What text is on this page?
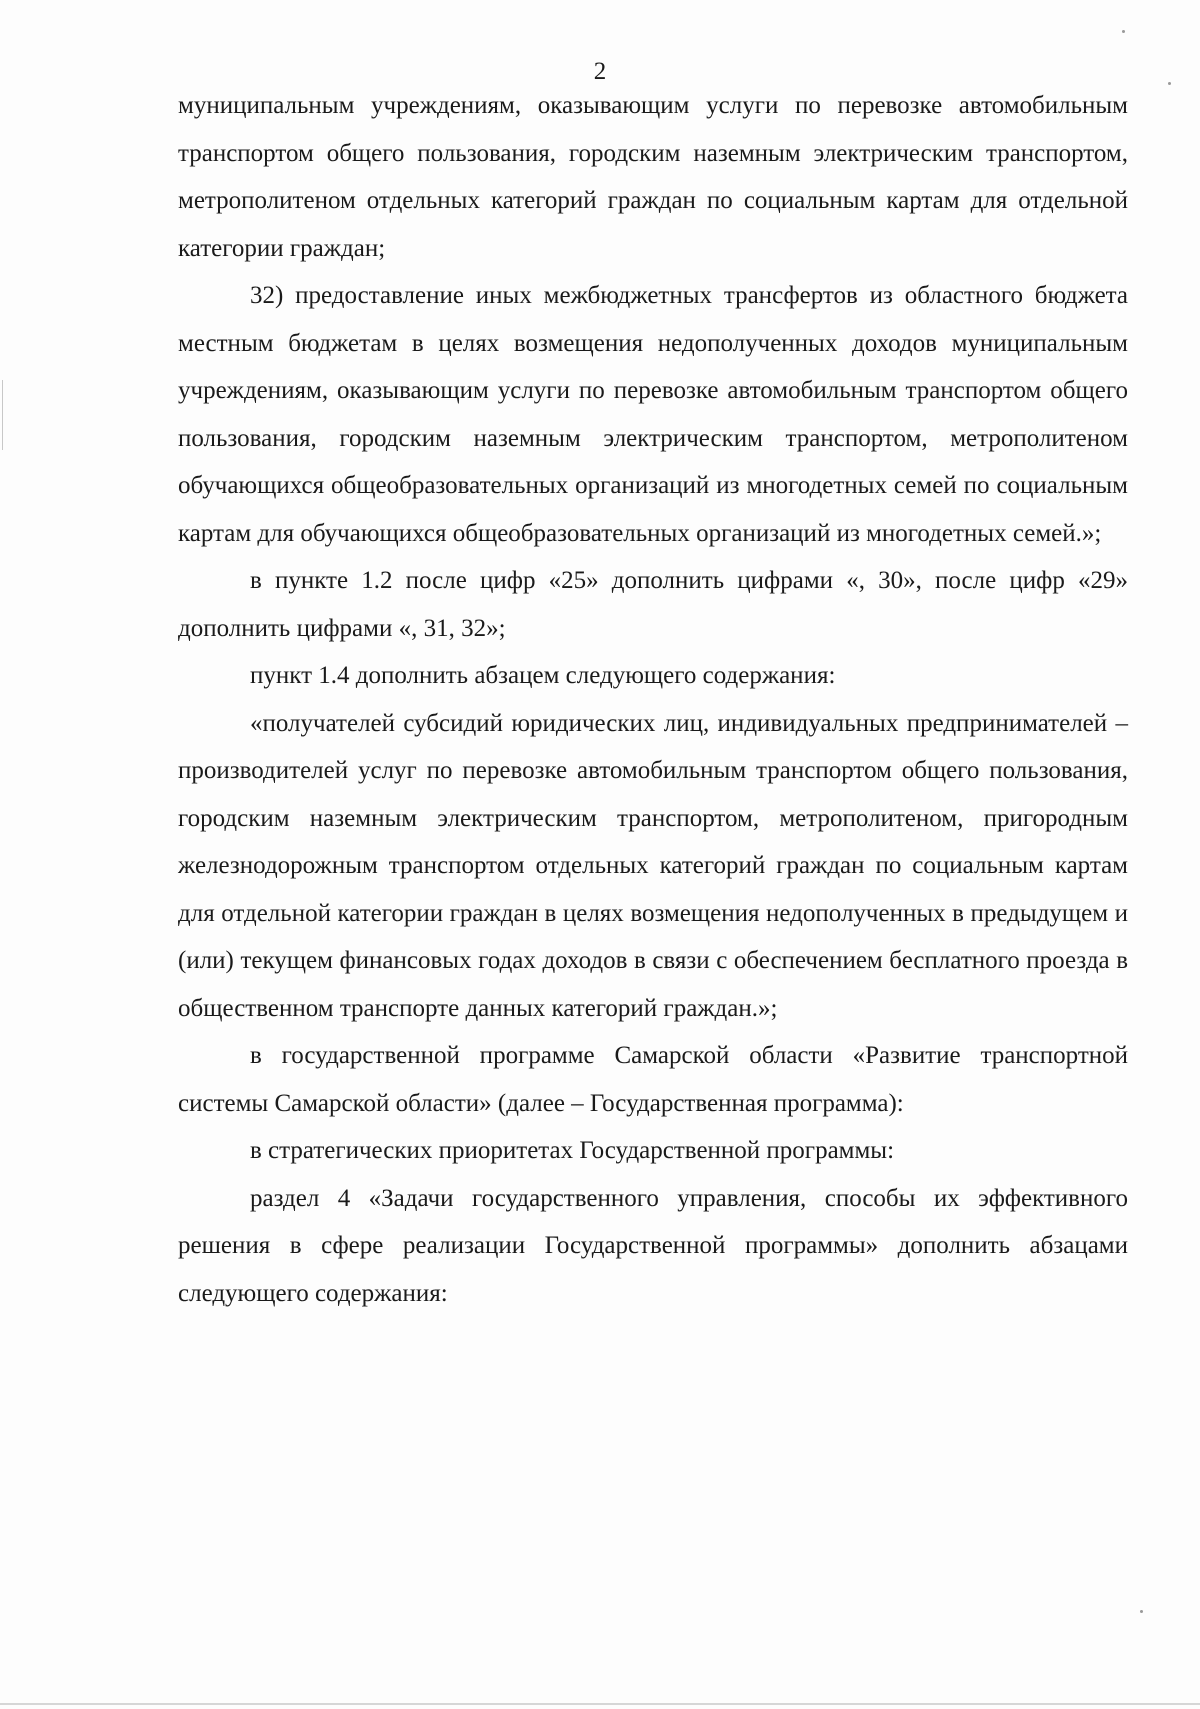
2

муниципальным учреждениям, оказывающим услуги по перевозке автомобильным транспортом общего пользования, городским наземным электрическим транспортом, метрополитеном отдельных категорий граждан по социальным картам для отдельной категории граждан;

32) предоставление иных межбюджетных трансфертов из областного бюджета местным бюджетам в целях возмещения недополученных доходов муниципальным учреждениям, оказывающим услуги по перевозке автомобильным транспортом общего пользования, городским наземным электрическим транспортом, метрополитеном обучающихся общеобразовательных организаций из многодетных семей по социальным картам для обучающихся общеобразовательных организаций из многодетных семей.»;

в пункте 1.2 после цифр «25» дополнить цифрами «, 30», после цифр «29» дополнить цифрами «, 31, 32»;

пункт 1.4 дополнить абзацем следующего содержания:

«получателей субсидий юридических лиц, индивидуальных предпринимателей – производителей услуг по перевозке автомобильным транспортом общего пользования, городским наземным электрическим транспортом, метрополитеном, пригородным железнодорожным транспортом отдельных категорий граждан по социальным картам для отдельной категории граждан в целях возмещения недополученных в предыдущем и (или) текущем финансовых годах доходов в связи с обеспечением бесплатного проезда в общественном транспорте данных категорий граждан.»;

в государственной программе Самарской области «Развитие транспортной системы Самарской области» (далее – Государственная программа):

в стратегических приоритетах Государственной программы:

раздел 4 «Задачи государственного управления, способы их эффективного решения в сфере реализации Государственной программы» дополнить абзацами следующего содержания:
